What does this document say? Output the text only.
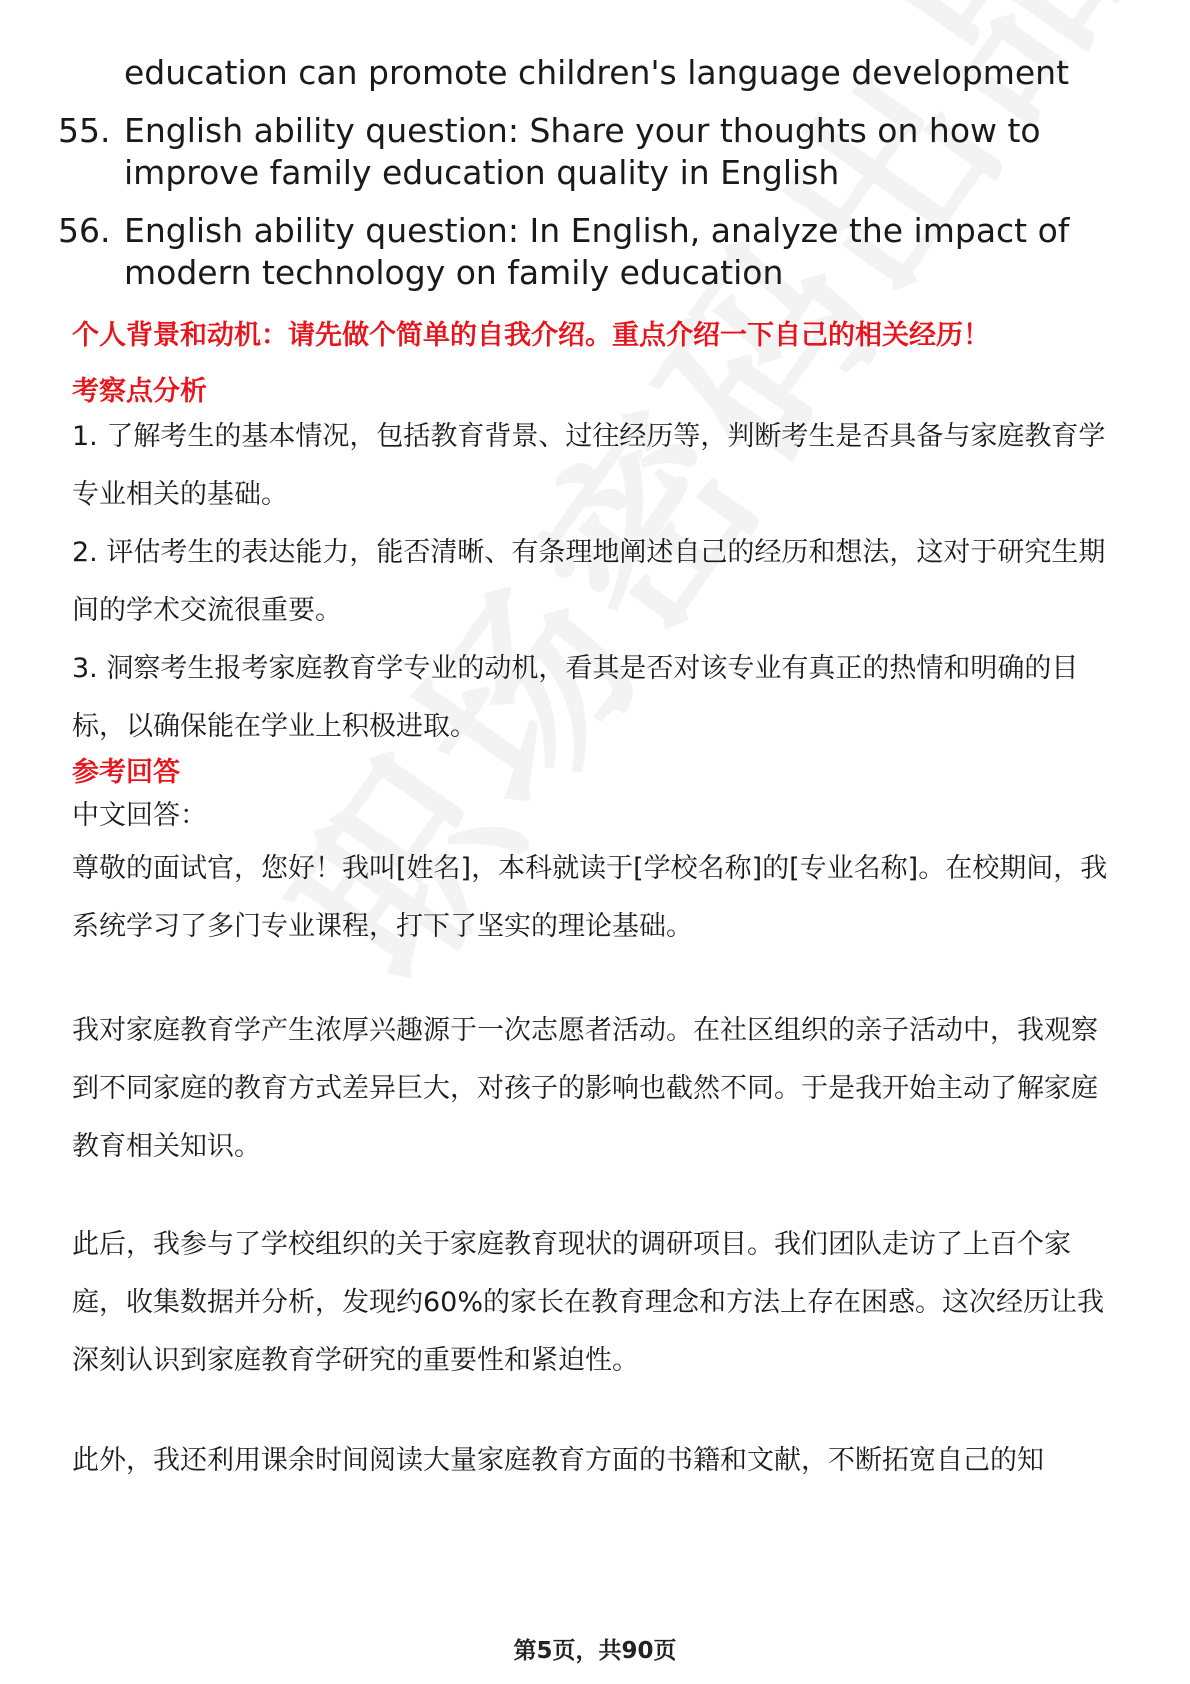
education can promote children's language development
55. English ability question: Share your thoughts on how to improve family education quality in English
56. English ability question: In English, analyze the impact of modern technology on family education
个人背景和动机：请先做个简单的自我介绍。重点介绍一下自己的相关经历！
考察点分析
1. 了解考生的基本情况，包括教育背景、过往经历等，判断考生是否具备与家庭教育学专业相关的基础。
2. 评估考生的表达能力，能否清晰、有条理地阐述自己的经历和想法，这对于研究生期间的学术交流很重要。
3. 洞察考生报考家庭教育学专业的动机，看其是否对该专业有真正的热情和明确的目标，以确保能在学业上积极进取。
参考回答
中文回答：
尊敬的面试官，您好！我叫[姓名]，本科就读于[学校名称]的[专业名称]。在校期间，我系统学习了多门专业课程，打下了坚实的理论基础。
我对家庭教育学产生浓厚兴趣源于一次志愿者活动。在社区组织的亲子活动中，我观察到不同家庭的教育方式差异巨大，对孩子的影响也截然不同。于是我开始主动了解家庭教育相关知识。
此后，我参与了学校组织的关于家庭教育现状的调研项目。我们团队走访了上百个家庭，收集数据并分析，发现约60%的家长在教育理念和方法上存在困惑。这次经历让我深刻认识到家庭教育学研究的重要性和紧迫性。
此外，我还利用课余时间阅读大量家庭教育方面的书籍和文献，不断拓宽自己的知
第5页，共90页
